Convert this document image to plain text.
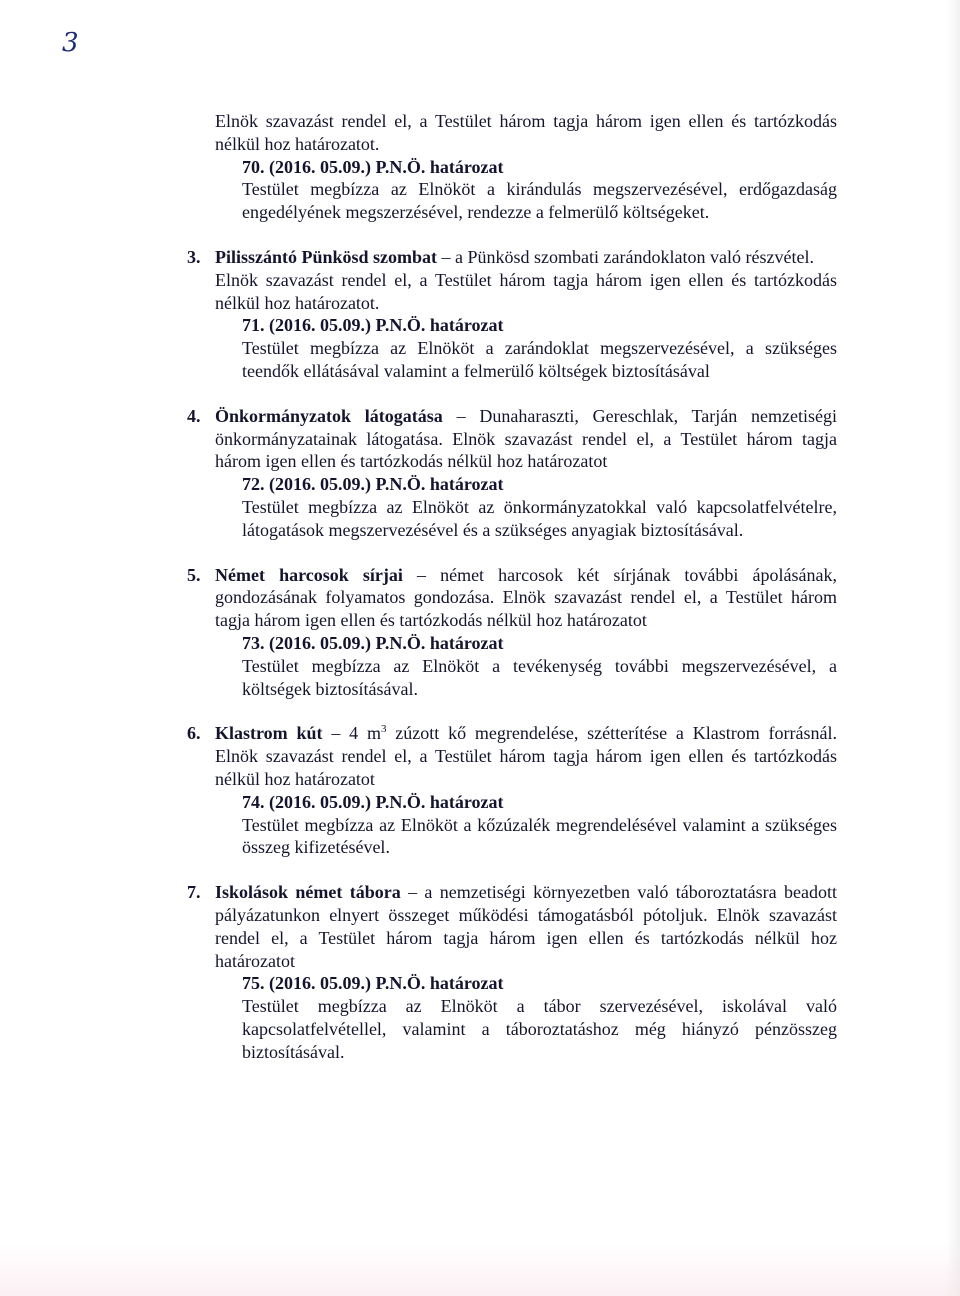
3
Elnök szavazást rendel el, a Testület három tagja három igen ellen és tartózkodás nélkül hoz határozatot.
70. (2016. 05.09.) P.N.Ö. határozat
Testület megbízza az Elnököt a kirándulás megszervezésével, erdőgazdaság engedélyének megszerzésével, rendezze a felmerülő költségeket.
3. Pilisszántó Pünkösd szombat – a Pünkösd szombati zarándoklaton való részvétel.
Elnök szavazást rendel el, a Testület három tagja három igen ellen és tartózkodás nélkül hoz határozatot.
71. (2016. 05.09.) P.N.Ö. határozat
Testület megbízza az Elnököt a zarándoklat megszervezésével, a szükséges teendők ellátásával valamint a felmerülő költségek biztosításával
4. Önkormányzatok látogatása – Dunaharaszti, Gereschlak, Tarján nemzetiségi önkormányzatainak látogatása. Elnök szavazást rendel el, a Testület három tagja három igen ellen és tartózkodás nélkül hoz határozatot
72. (2016. 05.09.) P.N.Ö. határozat
Testület megbízza az Elnököt az önkormányzatokkal való kapcsolatfelvételre, látogatások megszervezésével és a szükséges anyagiak biztosításával.
5. Német harcosok sírjai – német harcosok két sírjának további ápolásának, gondozásának folyamatos gondozása. Elnök szavazást rendel el, a Testület három tagja három igen ellen és tartózkodás nélkül hoz határozatot
73. (2016. 05.09.) P.N.Ö. határozat
Testület megbízza az Elnököt a tevékenység további megszervezésével, a költségek biztosításával.
6. Klastrom kút – 4 $m^3$ zúzott kő megrendelése, szétterítése a Klastrom forrásnál. Elnök szavazást rendel el, a Testület három tagja három igen ellen és tartózkodás nélkül hoz határozatot
74. (2016. 05.09.) P.N.Ö. határozat
Testület megbízza az Elnököt a kőzúzalék megrendelésével valamint a szükséges összeg kifizetésével.
7. Iskolások német tábora – a nemzetiségi környezetben való táboroztatásra beadott pályázatunkon elnyert összeget működési támogatásból pótoljuk. Elnök szavazást rendel el, a Testület három tagja három igen ellen és tartózkodás nélkül hoz határozatot
75. (2016. 05.09.) P.N.Ö. határozat
Testület megbízza az Elnököt a tábor szervezésével, iskolával való kapcsolatfelvétellel, valamint a táboroztatáshoz még hiányzó pénzösszeg biztosításával.
